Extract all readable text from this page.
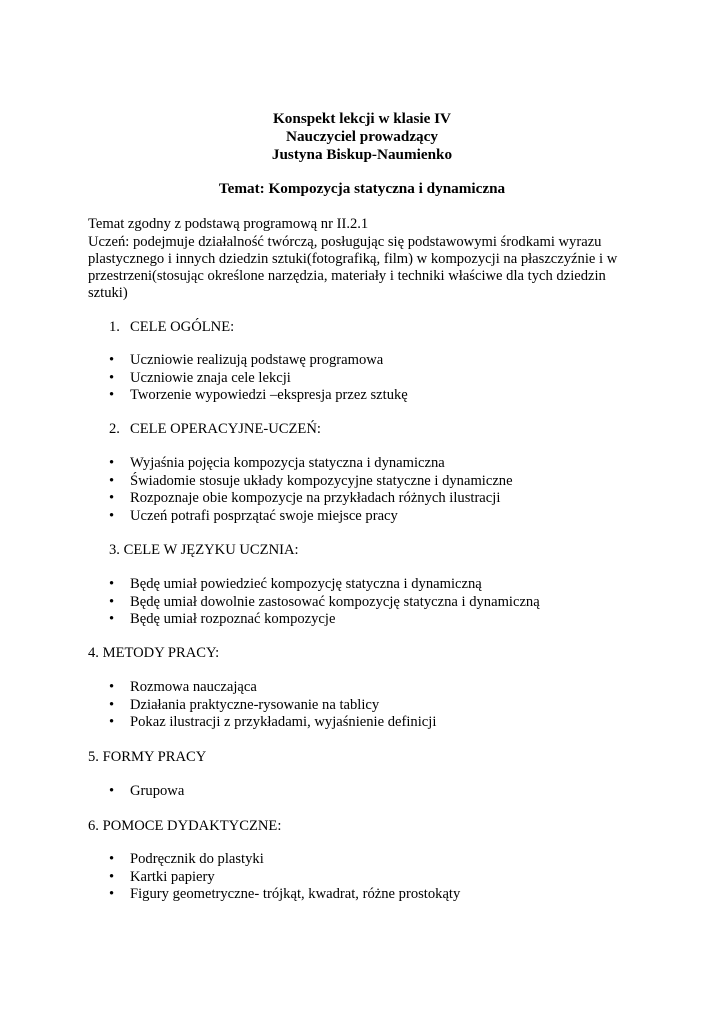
Konspekt lekcji w klasie IV
Nauczyciel prowadzący
Justyna Biskup-Naumienko
Temat: Kompozycja statyczna i dynamiczna
Temat zgodny z podstawą programową nr II.2.1
Uczeń: podejmuje działalność twórczą, posługując się podstawowymi środkami wyrazu
plastycznego i innych dziedzin sztuki(fotografiką, film) w kompozycji na płaszczyźnie i w
przestrzeni(stosując określone narzędzia, materiały i techniki właściwe dla tych dziedzin
sztuki)
1. CELE OGÓLNE:
• Uczniowie realizują podstawę programowa
• Uczniowie znaja cele lekcji
• Tworzenie wypowiedzi –ekspresja przez sztukę
2. CELE OPERACYJNE-UCZEŃ:
• Wyjaśnia pojęcia kompozycja statyczna i dynamiczna
• Świadomie stosuje układy kompozycyjne statyczne i dynamiczne
• Rozpoznaje obie kompozycje na przykładach różnych ilustracji
• Uczeń potrafi posprzątać swoje miejsce pracy
3. CELE W JĘZYKU UCZNIA:
• Będę umiał powiedzieć kompozycję statyczna i dynamiczną
• Będę umiał dowolnie zastosować kompozycję statyczna i dynamiczną
• Będę umiał rozpoznać kompozycje
4. METODY PRACY:
• Rozmowa nauczająca
• Działania praktyczne-rysowanie na tablicy
• Pokaz ilustracji z przykładami, wyjaśnienie definicji
5. FORMY PRACY
• Grupowa
6. POMOCE DYDAKTYCZNE:
• Podręcznik do plastyki
• Kartki papiery
• Figury geometryczne- trójkąt, kwadrat, różne prostokąty
